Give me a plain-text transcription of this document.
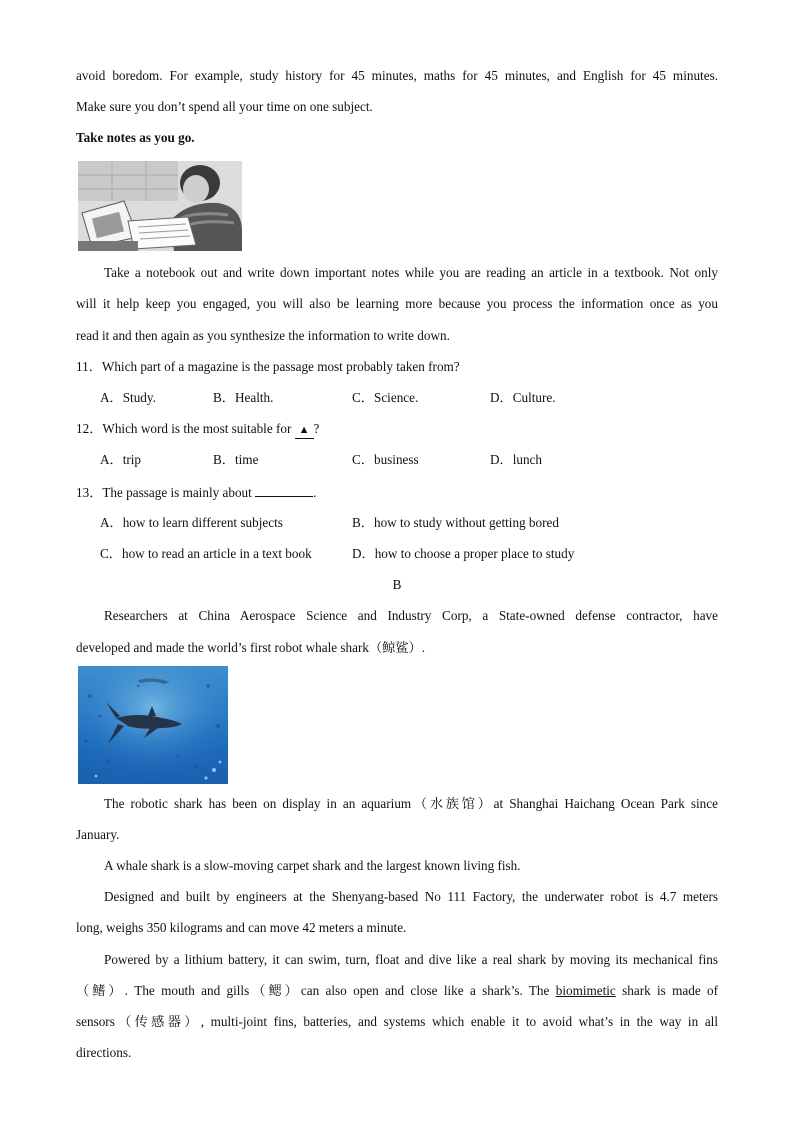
avoid boredom. For example, study history for 45 minutes, maths for 45 minutes, and English for 45 minutes.
Make sure you don’t spend all your time on one subject.
Take notes as you go.
Take a notebook out and write down important notes while you are reading an article in a textbook. Not only
will it help keep you engaged, you will also be learning more because you process the information once as you
read it and then again as you synthesize the information to write down.
11．Which part of a magazine is the passage most probably taken from?
A．Study.	B．Health.	C．Science.	D．Culture.
12．Which word is the most suitable for ▲ ?
A．trip	B．time	C．business	D．lunch
13．The passage is mainly about	.
A．how to learn different subjects	B．how to study without getting bored
C．how to read an article in a text book	D．how to choose a proper place to study
B
Researchers at China Aerospace Science and Industry Corp, a State-owned defense contractor, have
developed and made the world’s first robot whale shark（鲸鲨）.
The robotic shark has been on display in an aquarium（水族馆）at Shanghai Haichang Ocean Park since
January.
A whale shark is a slow-moving carpet shark and the largest known living fish.
Designed and built by engineers at the Shenyang-based No 111 Factory, the underwater robot is 4.7 meters
long, weighs 350 kilograms and can move 42 meters a minute.
Powered by a lithium battery, it can swim, turn, float and dive like a real shark by moving its mechanical fins
（鳍）. The mouth and gills（鳃）can also open and close like a shark’s. The biomimetic shark is made of
sensors（传感器）, multi-joint fins, batteries, and systems which enable it to avoid what’s in the way in all
directions.
